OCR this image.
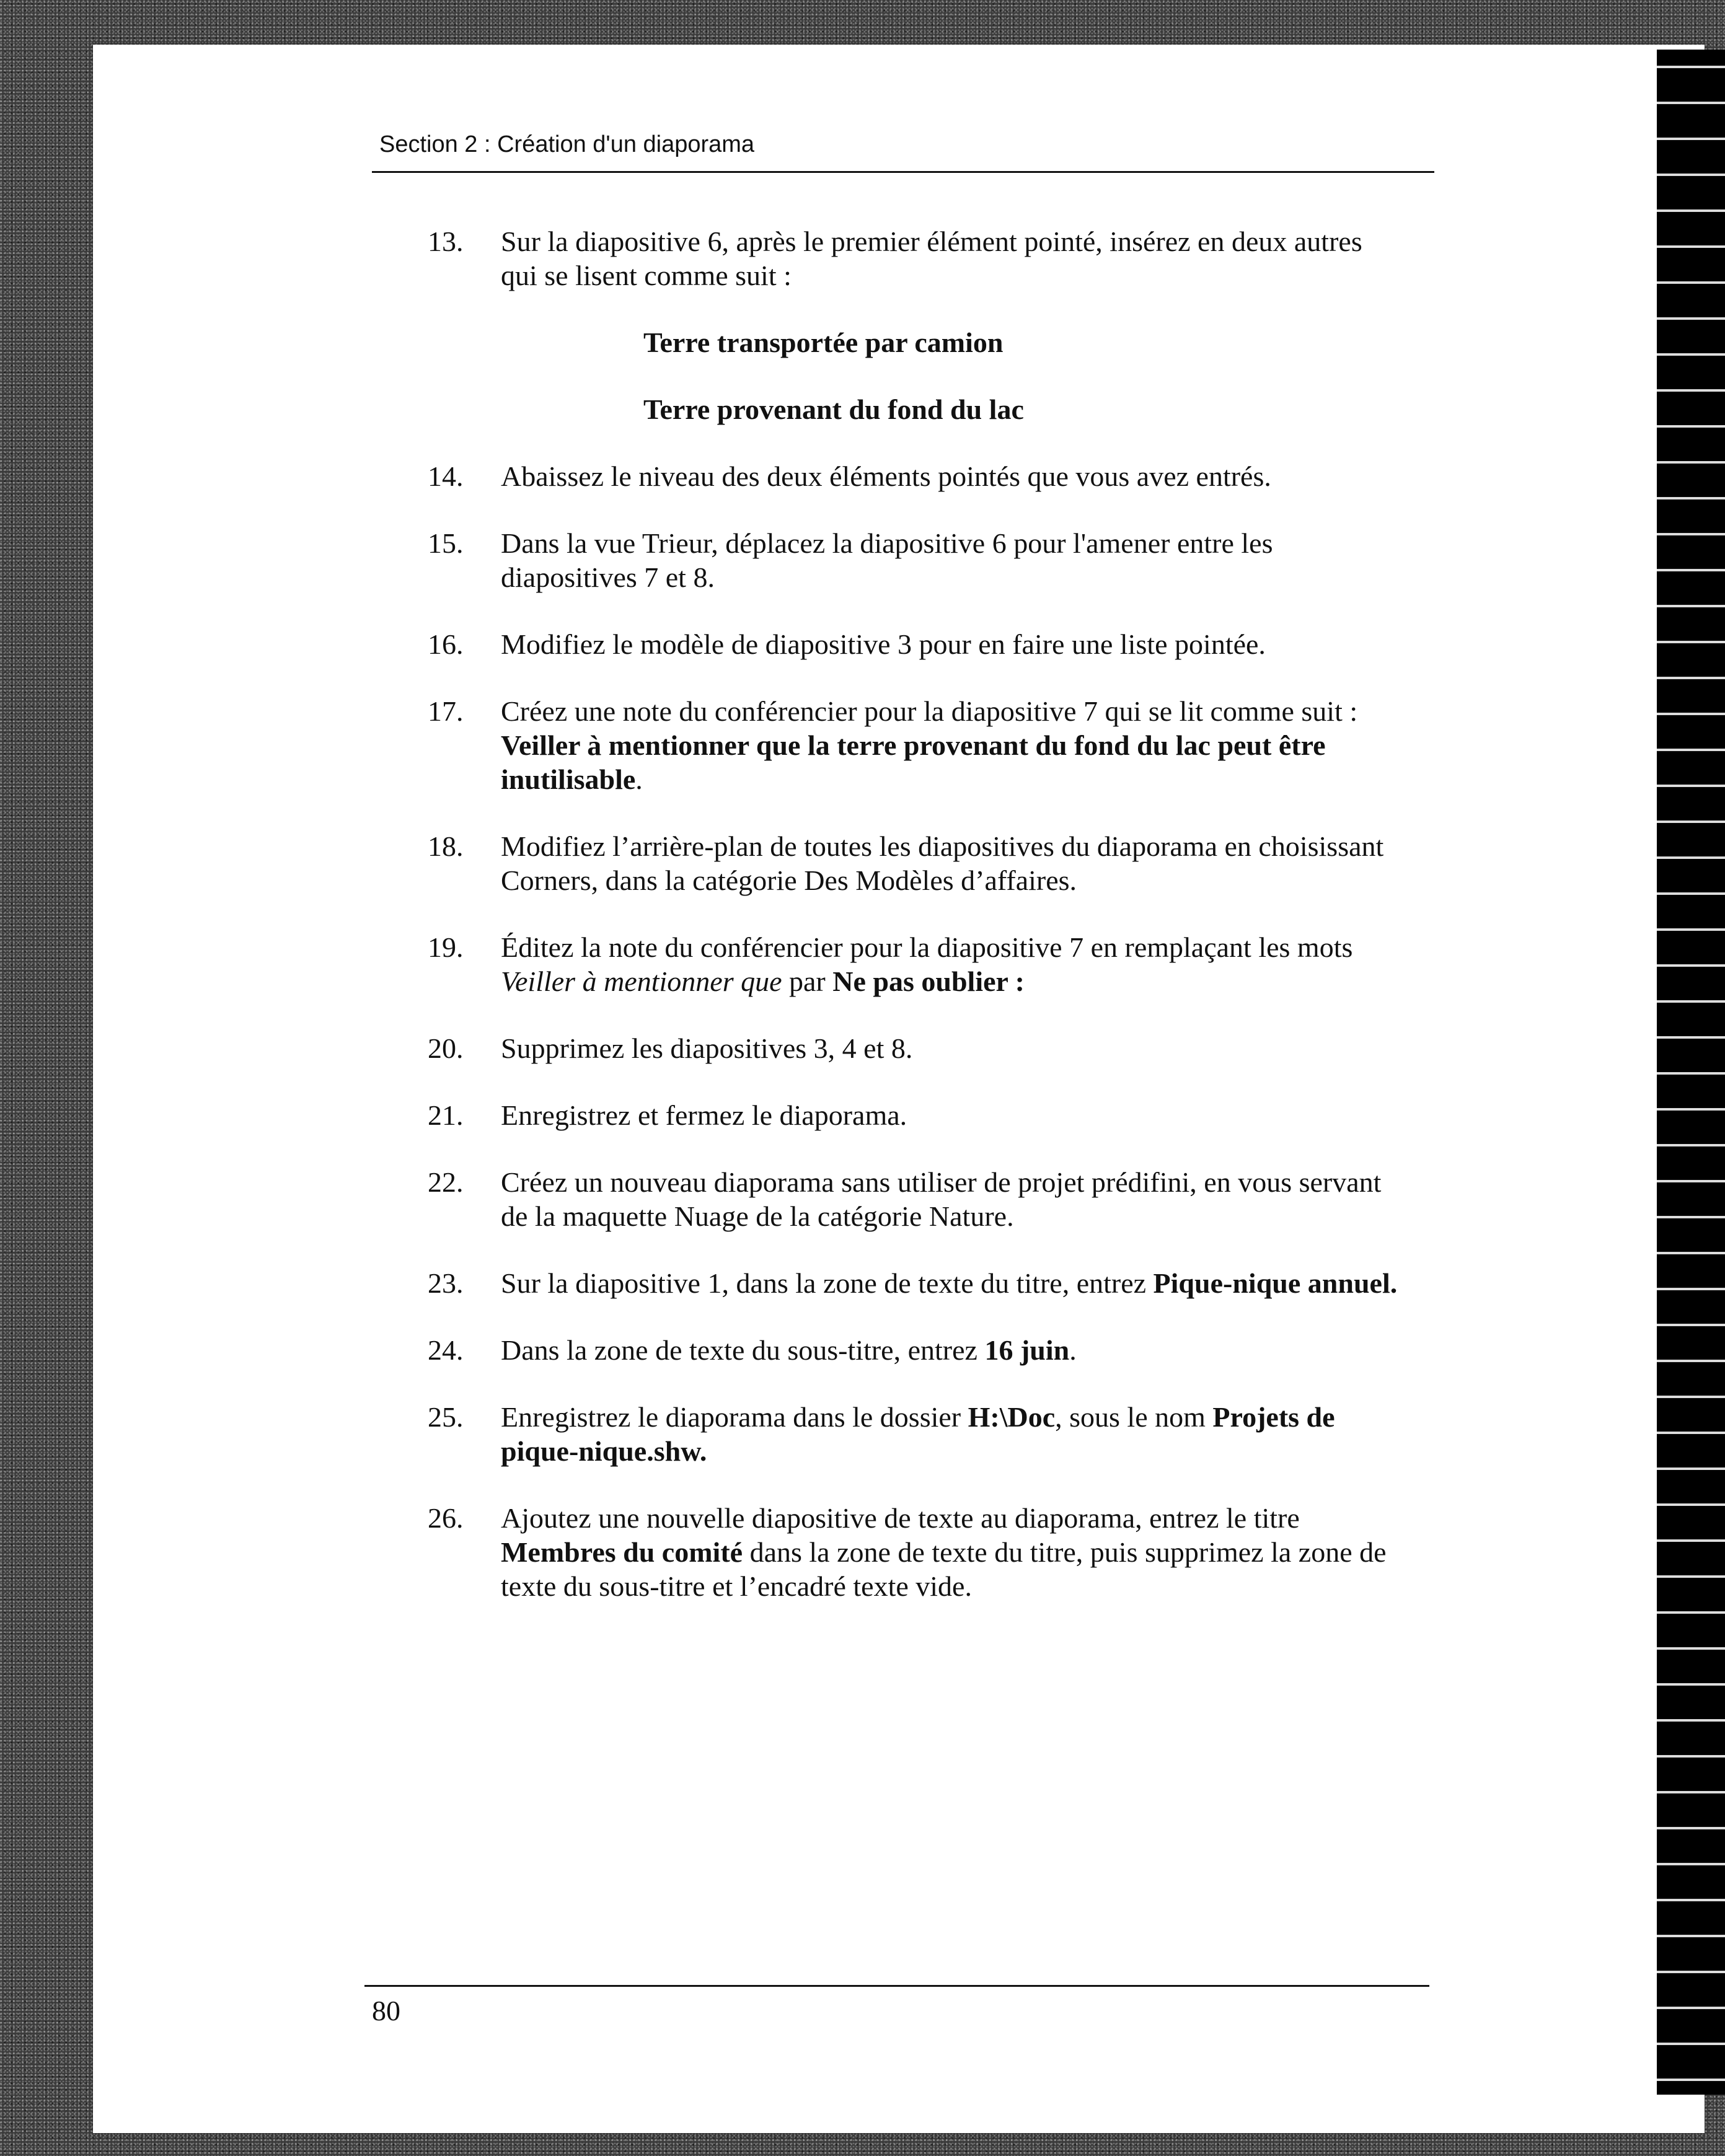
Section 2 : Création d'un diaporama
13.	Sur la diapositive 6, après le premier élément pointé, insérez en deux autres qui se lisent comme suit :
Terre transportée par camion
Terre provenant du fond du lac
14.	Abaissez le niveau des deux éléments pointés que vous avez entrés.
15.	Dans la vue Trieur, déplacez la diapositive 6 pour l'amener entre les diapositives 7 et 8.
16.	Modifiez le modèle de diapositive 3 pour en faire une liste pointée.
17.	Créez une note du conférencier pour la diapositive 7 qui se lit comme suit : Veiller à mentionner que la terre provenant du fond du lac peut être inutilisable.
18.	Modifiez l’arrière-plan de toutes les diapositives du diaporama en choisissant Corners, dans la catégorie Des Modèles d’affaires.
19.	Éditez la note du conférencier pour la diapositive 7 en remplaçant les mots Veiller à mentionner que par Ne pas oublier :
20.	Supprimez les diapositives 3, 4 et 8.
21.	Enregistrez et fermez le diaporama.
22.	Créez un nouveau diaporama sans utiliser de projet prédifini, en vous servant de la maquette Nuage de la catégorie Nature.
23.	Sur la diapositive 1, dans la zone de texte du titre, entrez Pique-nique annuel.
24.	Dans la zone de texte du sous-titre, entrez 16 juin.
25.	Enregistrez le diaporama dans le dossier H:\Doc, sous le nom Projets de pique-nique.shw.
26.	Ajoutez une nouvelle diapositive de texte au diaporama, entrez le titre Membres du comité dans la zone de texte du titre, puis supprimez la zone de texte du sous-titre et l’encadré texte vide.
80
